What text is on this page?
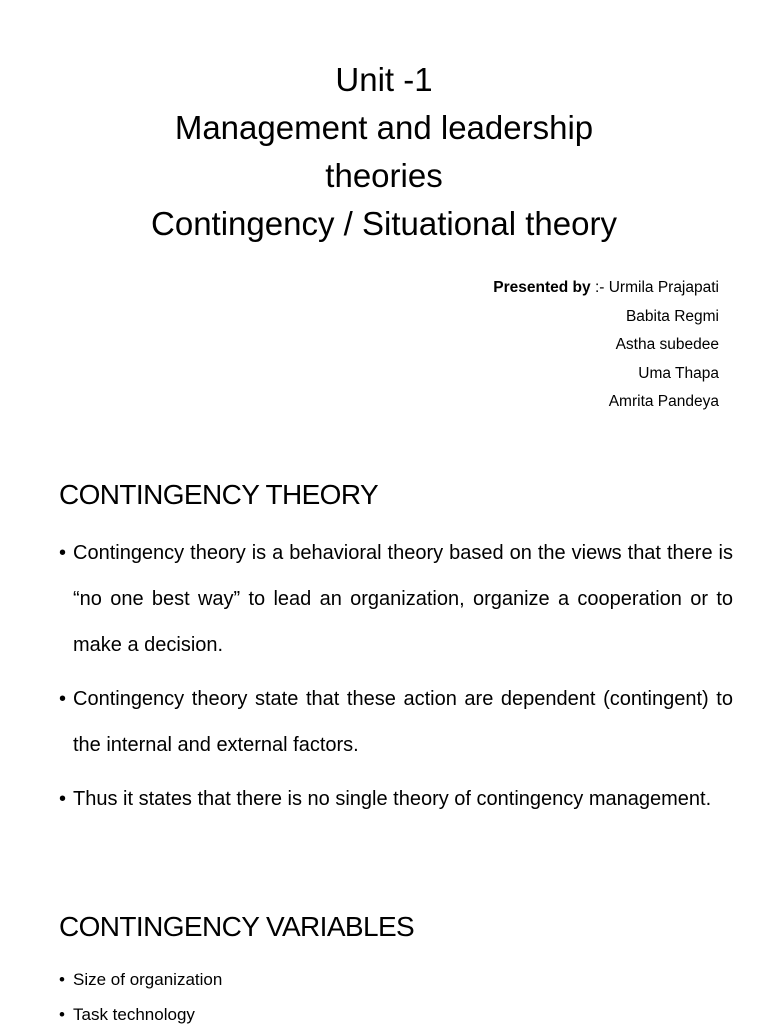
Unit -1
Management and leadership
theories
Contingency / Situational theory
Presented by :- Urmila Prajapati
Babita Regmi
Astha subedee
Uma Thapa
Amrita Pandeya
CONTINGENCY THEORY
• Contingency theory is a behavioral theory based on the views that there is “no one best way” to lead an organization, organize a cooperation or to make a decision.
• Contingency theory state that these action are dependent (contingent) to the internal and external factors.
• Thus it states that there is no single theory of contingency management.
CONTINGENCY VARIABLES
• Size of organization
• Task technology
